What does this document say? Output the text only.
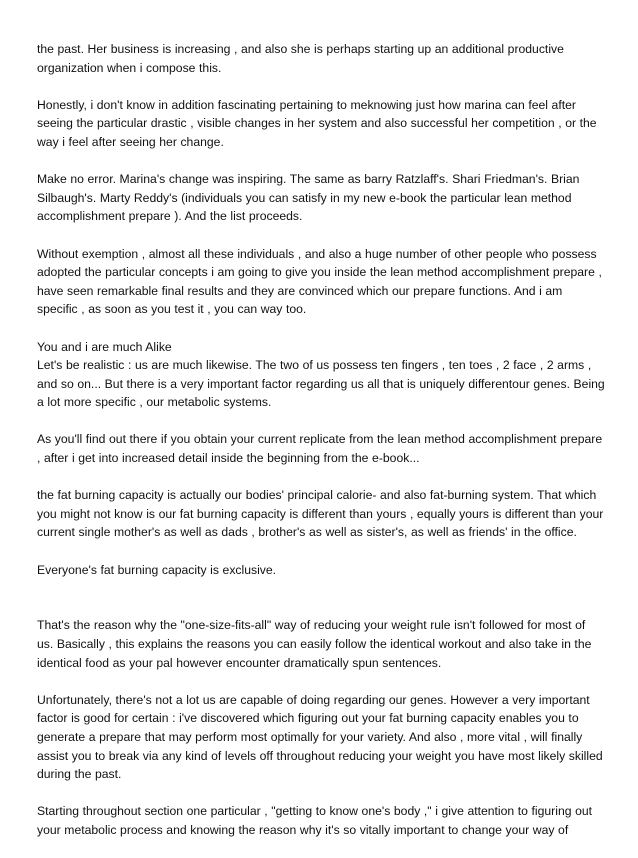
the past. Her business is increasing , and also she is perhaps starting up an additional productive organization when i compose this.

Honestly, i don't know in addition fascinating pertaining to meknowing just how marina can feel after seeing the particular drastic , visible changes in her system and also successful her competition , or the way i feel after seeing her change.

Make no error. Marina's change was inspiring. The same as barry Ratzlaff's. Shari Friedman's. Brian Silbaugh's. Marty Reddy's (individuals you can satisfy in my new e-book the particular lean method accomplishment prepare ). And the list proceeds.

Without exemption , almost all these individuals , and also a huge number of other people who possess adopted the particular concepts i am going to give you inside the lean method accomplishment prepare , have seen remarkable final results and they are convinced which our prepare functions. And i am specific , as soon as you test it , you can way too.

You and i are much Alike

Let's be realistic : us are much likewise. The two of us possess ten fingers , ten toes , 2 face , 2 arms , and so on... But there is a very important factor regarding us all that is uniquely differentour genes. Being a lot more specific , our metabolic systems.

As you'll find out there if you obtain your current replicate from the lean method accomplishment prepare , after i get into increased detail inside the beginning from the e-book...

the fat burning capacity is actually our bodies' principal calorie- and also fat-burning system. That which you might not know is our fat burning capacity is different than yours , equally yours is different than your current single mother's as well as dads , brother's as well as sister's, as well as friends' in the office.

Everyone's fat burning capacity is exclusive.

That's the reason why the "one-size-fits-all" way of reducing your weight rule isn't followed for most of us. Basically , this explains the reasons you can easily follow the identical workout and also take in the identical food as your pal however encounter dramatically spun sentences.

Unfortunately, there's not a lot us are capable of doing regarding our genes. However a very important factor is good for certain : i've discovered which figuring out your fat burning capacity enables you to generate a prepare that may perform most optimally for your variety. And also , more vital , will finally assist you to break via any kind of levels off throughout reducing your weight you have most likely skilled during the past.

Starting throughout section one particular , "getting to know one's body ," i give attention to figuring out your metabolic process and knowing the reason why it's so vitally important to change your way of
